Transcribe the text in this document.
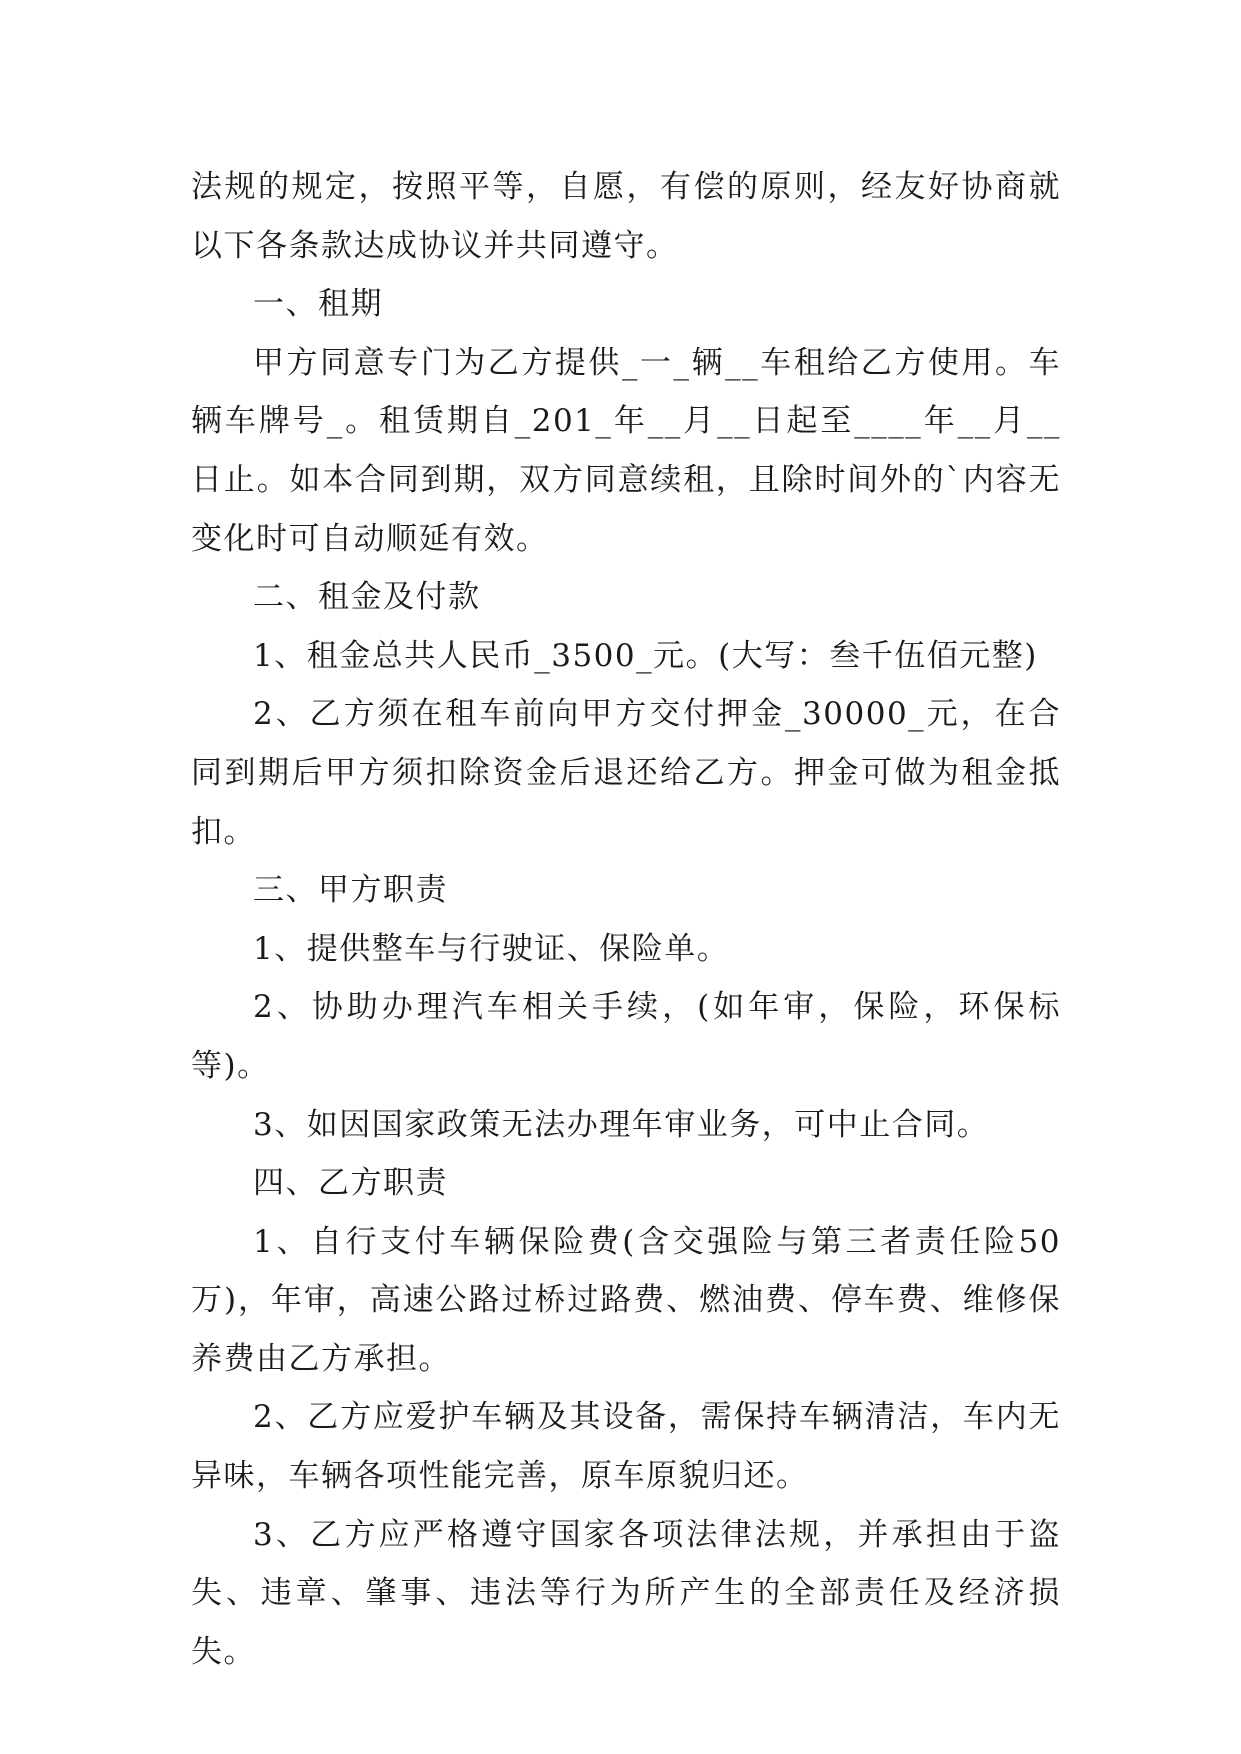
法规的规定，按照平等，自愿，有偿的原则，经友好协商就以下各条款达成协议并共同遵守。

一、租期

甲方同意专门为乙方提供_一_辆__车租给乙方使用。车辆车牌号_。租赁期自_201_年__月__日起至____年__月__日止。如本合同到期，双方同意续租，且除时间外的`内容无变化时可自动顺延有效。

二、租金及付款

1、租金总共人民币_3500_元。(大写：叁千伍佰元整)

2、乙方须在租车前向甲方交付押金_30000_元，在合同到期后甲方须扣除资金后退还给乙方。押金可做为租金抵扣。

三、甲方职责

1、提供整车与行驶证、保险单。

2、协助办理汽车相关手续，(如年审，保险，环保标等)。

3、如因国家政策无法办理年审业务，可中止合同。

四、乙方职责

1、自行支付车辆保险费(含交强险与第三者责任险50万)，年审，高速公路过桥过路费、燃油费、停车费、维修保养费由乙方承担。

2、乙方应爱护车辆及其设备，需保持车辆清洁，车内无异味，车辆各项性能完善，原车原貌归还。

3、乙方应严格遵守国家各项法律法规，并承担由于盗失、违章、肇事、违法等行为所产生的全部责任及经济损失。
